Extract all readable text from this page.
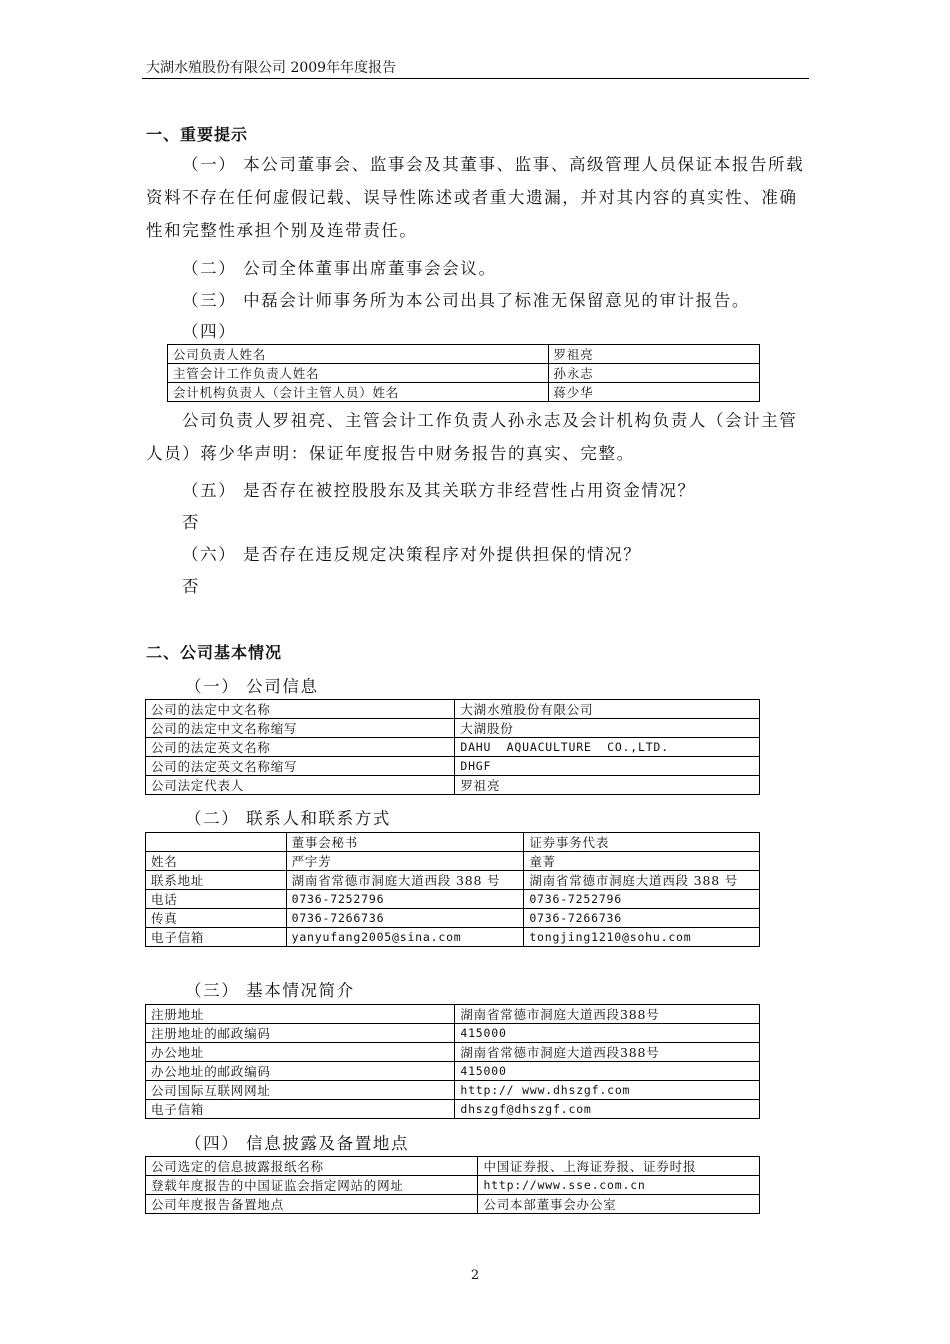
大湖水殖股份有限公司 2009年年度报告
一、重要提示
（一） 本公司董事会、监事会及其董事、监事、高级管理人员保证本报告所载资料不存在任何虚假记载、误导性陈述或者重大遗漏，并对其内容的真实性、准确性和完整性承担个别及连带责任。
（二） 公司全体董事出席董事会会议。
（三） 中磊会计师事务所为本公司出具了标准无保留意见的审计报告。
（四）
公司负责人姓名	罗祖亮
主管会计工作负责人姓名	孙永志
会计机构负责人（会计主管人员）姓名	蒋少华
公司负责人罗祖亮、主管会计工作负责人孙永志及会计机构负责人（会计主管人员）蒋少华声明：保证年度报告中财务报告的真实、完整。
（五） 是否存在被控股股东及其关联方非经营性占用资金情况？
否
（六） 是否存在违反规定决策程序对外提供担保的情况？
否
二、公司基本情况
（一） 公司信息
公司的法定中文名称	大湖水殖股份有限公司
公司的法定中文名称缩写	大湖股份
公司的法定英文名称	DAHU  AQUACULTURE  CO.,LTD.
公司的法定英文名称缩写	DHGF
公司法定代表人	罗祖亮
（二） 联系人和联系方式
	董事会秘书	证券事务代表
姓名	严宇芳	童菁
联系地址	湖南省常德市洞庭大道西段 388 号	湖南省常德市洞庭大道西段 388 号
电话	0736-7252796	0736-7252796
传真	0736-7266736	0736-7266736
电子信箱	yanyufang2005@sina.com	tongjing1210@sohu.com
（三） 基本情况简介
注册地址	湖南省常德市洞庭大道西段388号
注册地址的邮政编码	415000
办公地址	湖南省常德市洞庭大道西段388号
办公地址的邮政编码	415000
公司国际互联网网址	http:// www.dhszgf.com
电子信箱	dhszgf@dhszgf.com
（四） 信息披露及备置地点
公司选定的信息披露报纸名称	中国证券报、上海证券报、证券时报
登载年度报告的中国证监会指定网站的网址	http://www.sse.com.cn
公司年度报告备置地点	公司本部董事会办公室
2
